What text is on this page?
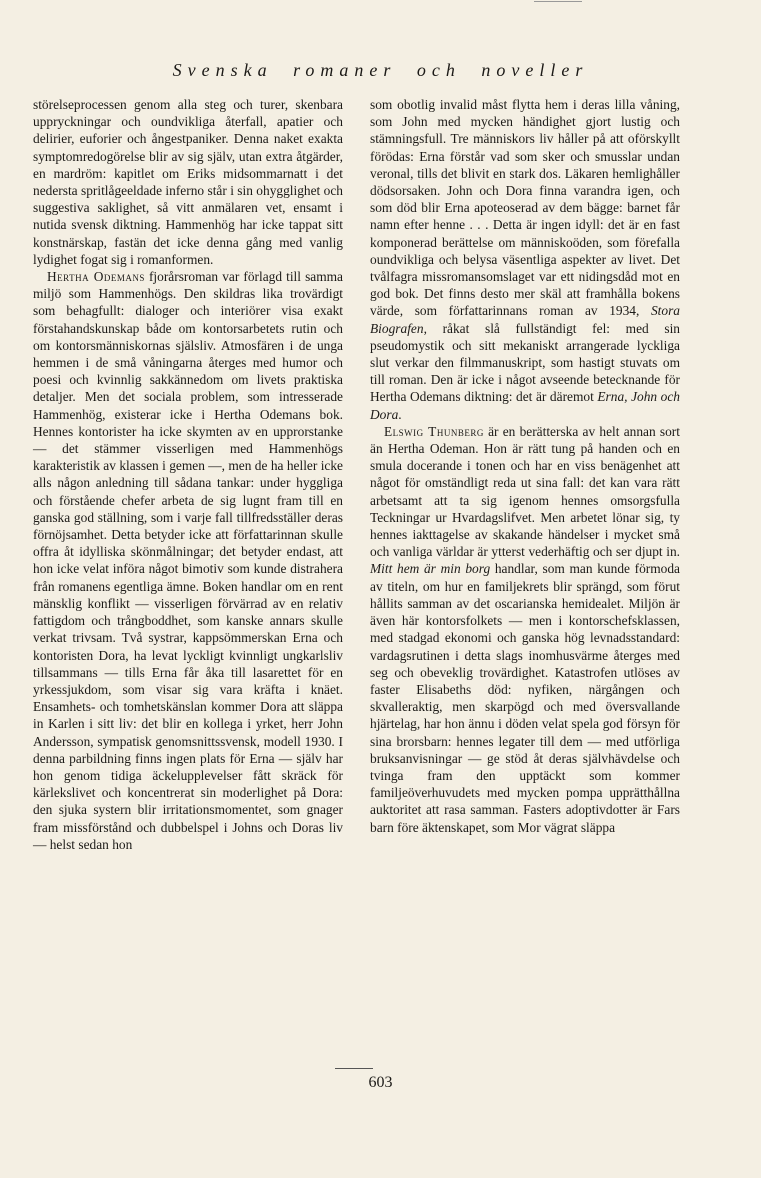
Svenska romaner och noveller

störelseprocessen genom alla steg och turer, skenbara uppryckningar och oundvikliga återfall, apatier och delirier, euforier och ångestpaniker. Denna naket exakta symptomredogörelse blir av sig själv, utan extra åtgärder, en mardröm: kapitlet om Eriks midsommarnatt i det nedersta spritlågeeldade inferno står i sin ohygglighet och suggestiva saklighet, så vitt anmälaren vet, ensamt i nutida svensk diktning. Hammenhög har icke tappat sitt konstnärskap, fastän det icke denna gång med vanlig lydighet fogat sig i romanformen.

Hertha Odemans fjorårsroman var förlagd till samma miljö som Hammenhögs. Den skildras lika trovärdigt som behagfullt: dialoger och interiörer visa exakt förstahandskunskap både om kontorsarbetets rutin och om kontorsmänniskornas själsliv. Atmosfären i de unga hemmen i de små våningarna återges med humor och poesi och kvinnlig sakkännedom om livets praktiska detaljer. Men det sociala problem, som intresserade Hammenhög, existerar icke i Hertha Odemans bok. Hennes kontorister ha icke skymten av en upprorstanke — det stämmer visserligen med Hammenhögs karakteristik av klassen i gemen —, men de ha heller icke alls någon anledning till sådana tankar: under hyggliga och förstående chefer arbeta de sig lugnt fram till en ganska god ställning, som i varje fall tillfredsställer deras förnöjsamhet. Detta betyder icke att författarinnan skulle offra åt idylliska skönmålningar; det betyder endast, att hon icke velat införa något bimotiv som kunde distrahera från romanens egentliga ämne. Boken handlar om en rent mänsklig konflikt — visserligen förvärrad av en relativ fattigdom och trångboddhet, som kanske annars skulle verkat trivsam. Två systrar, kappsömmerskan Erna och kontoristen Dora, ha levat lyckligt kvinnligt ungkarlsliv tillsammans — tills Erna får åka till lasarettet för en yrkessjukdom, som visar sig vara kräfta i knäet. Ensamhets- och tomhetskänslan kommer Dora att släppa in Karlen i sitt liv: det blir en kollega i yrket, herr John Andersson, sympatisk genomsnittssvensk, modell 1930. I denna parbildning finns ingen plats för Erna — själv har hon genom tidiga äckelupplevelser fått skräck för kärlekslivet och koncentrerat sin moderlighet på Dora: den sjuka systern blir irritationsmomentet, som gnager fram missförstånd och dubbelspel i Johns och Doras liv — helst sedan hon

som obotlig invalid måst flytta hem i deras lilla våning, som John med mycken händighet gjort lustig och stämningsfull. Tre människors liv håller på att oförskyllt förödas: Erna förstår vad som sker och smusslar undan veronal, tills det blivit en stark dos. Läkaren hemlighåller dödsorsaken. John och Dora finna varandra igen, och som död blir Erna apoteoserad av dem bägge: barnet får namn efter henne . . . Detta är ingen idyll: det är en fast komponerad berättelse om människoöden, som förefalla oundvikliga och belysa väsentliga aspekter av livet. Det tvålfagra missromansomslaget var ett nidingsdåd mot en god bok. Det finns desto mer skäl att framhålla bokens värde, som författarinnans roman av 1934, Stora Biografen, råkat slå fullständigt fel: med sin pseudomystik och sitt mekaniskt arrangerade lyckliga slut verkar den filmmanuskript, som hastigt stuvats om till roman. Den är icke i något avseende betecknande för Hertha Odemans diktning: det är däremot Erna, John och Dora.

Elswig Thunberg är en berätterska av helt annan sort än Hertha Odeman. Hon är rätt tung på handen och en smula docerande i tonen och har en viss benägenhet att något för omständligt reda ut sina fall: det kan vara rätt arbetsamt att ta sig igenom hennes omsorgsfulla Teckningar ur Hvardagslifvet. Men arbetet lönar sig, ty hennes iakttagelse av skakande händelser i mycket små och vanliga världar är ytterst vederhäftig och ser djupt in. Mitt hem är min borg handlar, som man kunde förmoda av titeln, om hur en familjekrets blir sprängd, som förut hållits samman av det oscarianska hemidealet. Miljön är även här kontorsfolkets — men i kontorschefsklassen, med stadgad ekonomi och ganska hög levnadsstandard: vardagsrutinen i detta slags inomhusvärme återges med seg och obeveklig trovärdighet. Katastrofen utlöses av faster Elisabeths död: nyfiken, närgången och skvalleraktig, men skarpögd och med översvallande hjärtelag, har hon ännu i döden velat spela god försyn för sina brorsbarn: hennes legater till dem — med utförliga bruksanvisningar — ge stöd åt deras självhävdelse och tvinga fram den upptäckt som kommer familjeöverhuvudets med mycken pompa upprätthållna auktoritet att rasa samman. Fasters adoptivdotter är Fars barn före äktenskapet, som Mor vägrat släppa

603
